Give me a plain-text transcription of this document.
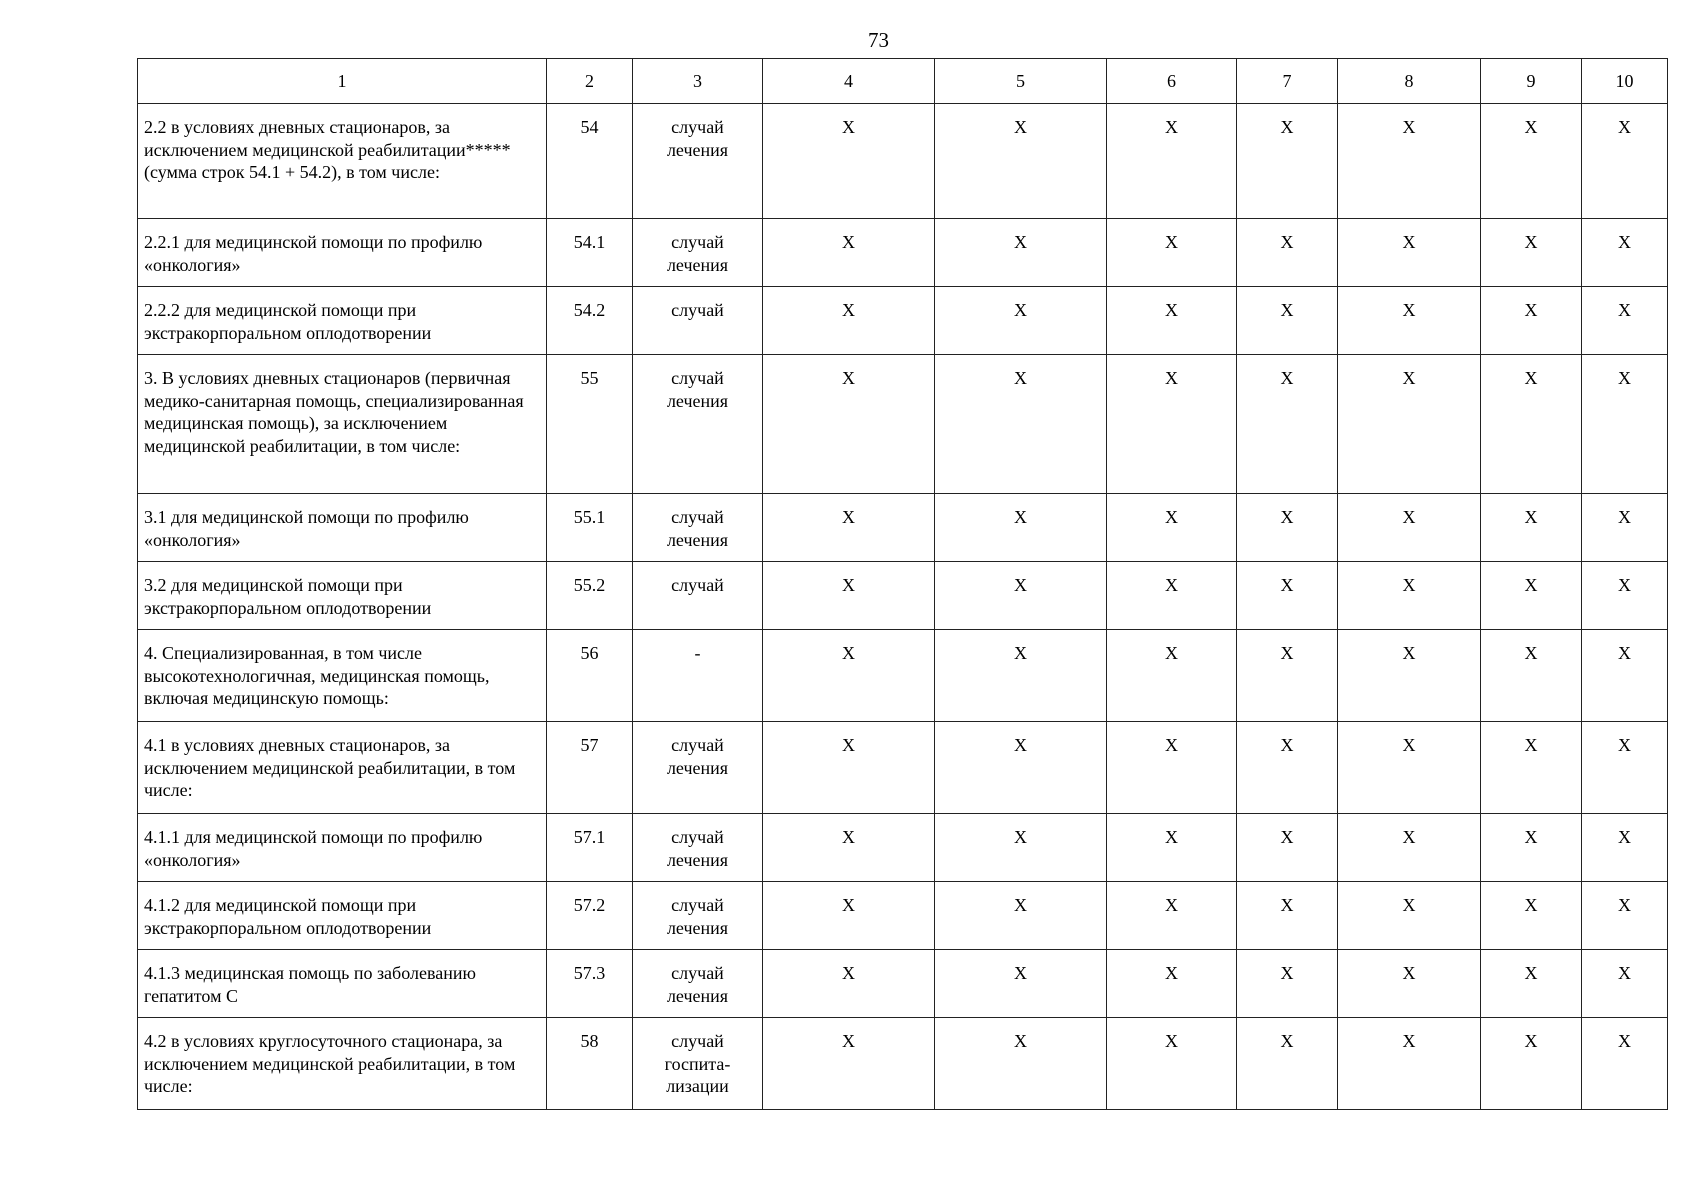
73
1	2	3	4	5	6	7	8	9	10
2.2 в условиях дневных стационаров, за исключением медицинской реабилитации*****
(сумма строк 54.1 + 54.2), в том числе:	54	случай
лечения	Х	Х	Х	Х	Х	Х	Х
2.2.1 для медицинской помощи по профилю «онкология»	54.1	случай
лечения	Х	Х	Х	Х	Х	Х	Х
2.2.2 для медицинской помощи при экстракорпоральном оплодотворении	54.2	случай	Х	Х	Х	Х	Х	Х	Х
3. В условиях дневных стационаров (первичная медико-санитарная помощь, специализированная медицинская помощь), за исключением медицинской реабилитации, в том числе:	55	случай
лечения	Х	Х	Х	Х	Х	Х	Х
3.1 для медицинской помощи по профилю «онкология»	55.1	случай
лечения	Х	Х	Х	Х	Х	Х	Х
3.2 для медицинской помощи при экстракорпоральном оплодотворении	55.2	случай	Х	Х	Х	Х	Х	Х	Х
4. Специализированная, в том числе высокотехнологичная, медицинская помощь, включая медицинскую помощь:	56	-	Х	Х	Х	Х	Х	Х	Х
4.1 в условиях дневных стационаров, за исключением медицинской реабилитации, в том числе:	57	случай
лечения	Х	Х	Х	Х	Х	Х	Х
4.1.1 для медицинской помощи по профилю «онкология»	57.1	случай
лечения	Х	Х	Х	Х	Х	Х	Х
4.1.2 для медицинской помощи при экстракорпоральном оплодотворении	57.2	случай
лечения	Х	Х	Х	Х	Х	Х	Х
4.1.3 медицинская помощь по заболеванию гепатитом С	57.3	случай
лечения	Х	Х	Х	Х	Х	Х	Х
4.2 в условиях круглосуточного стационара, за исключением медицинской реабилитации, в том числе:	58	случай
госпита-
лизации	Х	Х	Х	Х	Х	Х	Х
